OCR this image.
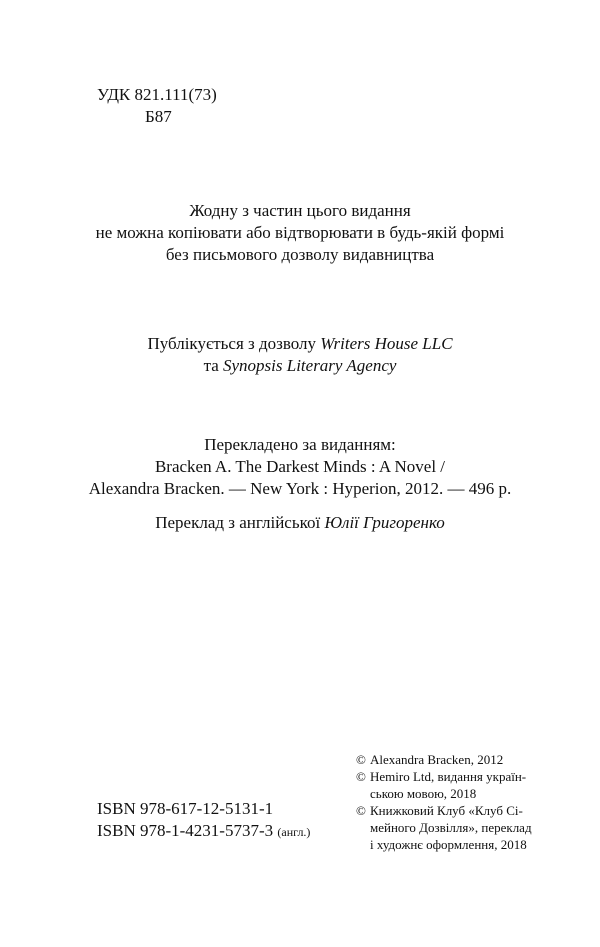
УДК 821.111(73)
Б87
Жодну з частин цього видання
не можна копіювати або відтворювати в будь-якій формі
без письмового дозволу видавництва
Публікується з дозволу Writers House LLC
та Synopsis Literary Agency
Перекладено за виданням:
Bracken A. The Darkest Minds : A Novel /
Alexandra Bracken. — New York : Hyperion, 2012. — 496 p.
Переклад з англійської Юлії Григоренко
ISBN 978-617-12-5131-1
ISBN 978-1-4231-5737-3 (англ.)
© Alexandra Bracken, 2012
© Hemiro Ltd, видання україн-
ською мовою, 2018
© Книжковий Клуб «Клуб Сі-
мейного Дозвілля», переклад
і художнє оформлення, 2018
